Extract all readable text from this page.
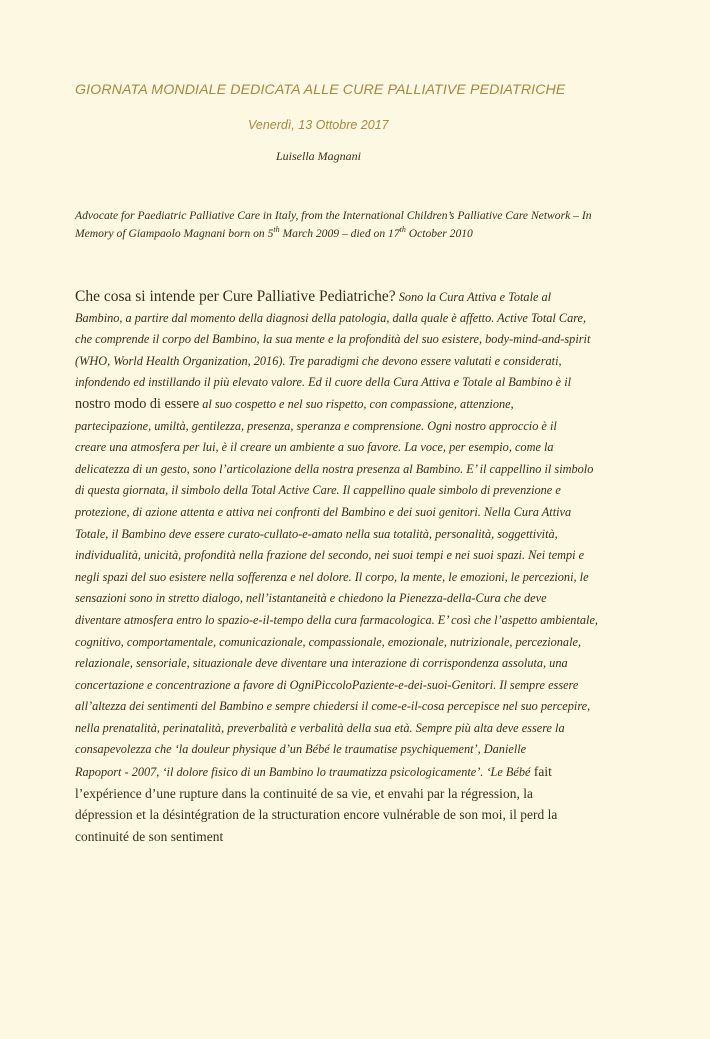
GIORNATA MONDIALE DEDICATA ALLE CURE PALLIATIVE PEDIATRICHE
Venerdì, 13 Ottobre 2017
Luisella Magnani
Advocate for Paediatric Palliative Care in Italy, from the International Children’s Palliative Care Network – In
Memory of Giampaolo Magnani born on 5th March 2009 – died on 17th October 2010
Che cosa si intende per Cure Palliative Pediatriche? Sono la Cura Attiva e Totale al
Bambino, a partire dal momento della diagnosi della patologia, dalla quale è affetto. Active Total Care,
che comprende il corpo del Bambino, la sua mente e la profondità del suo esistere, body-mind-and-spirit
(WHO, World Health Organization, 2016). Tre paradigmi che devono essere valutati e considerati,
infondendo ed instillando il più elevato valore. Ed il cuore della Cura Attiva e Totale al Bambino è il
nostro modo di essere al suo cospetto e nel suo rispetto, con compassione, attenzione,
partecipazione, umiltà, gentilezza, presenza, speranza e comprensione. Ogni nostro approccio è il
creare una atmosfera per lui, è il creare un ambiente a suo favore. La voce, per esempio, come la
delicatezza di un gesto, sono l’articolazione della nostra presenza al Bambino. E’ il cappellino il simbolo
di questa giornata, il simbolo della Total Active Care. Il cappellino quale simbolo di prevenzione e
protezione, di azione attenta e attiva nei confronti del Bambino e dei suoi genitori. Nella Cura Attiva
Totale, il Bambino deve essere curato-cullato-e-amato nella sua totalità, personalità, soggettività,
individualità, unicità, profondità nella frazione del secondo, nei suoi tempi e nei suoi spazi. Nei tempi e
negli spazi del suo esistere nella sofferenza e nel dolore. Il corpo, la mente, le emozioni, le percezioni, le
sensazioni sono in stretto dialogo, nell’istantaneità e chiedono la Pienezza-della-Cura che deve
diventare atmosfera entro lo spazio-e-il-tempo della cura farmacologica. E’ così che l’aspetto ambientale,
cognitivo, comportamentale, comunicazionale, compassionale, emozionale, nutrizionale, percezionale,
relazionale, sensoriale, situazionale deve diventare una interazione di corrispondenza assoluta, una
concertazione e concentrazione a favore di OgniPiccoloPaziente-e-dei-suoi-Genitori. Il sempre essere
all’altezza dei sentimenti del Bambino e sempre chiedersi il come-e-il-cosa percepisce nel suo percepire,
nella prenatalità, perinatalità, preverbalità e verbalità della sua età. Sempre più alta deve essere la
consapevolezza che ‘la douleur physique d’un Bébé le traumatise psychiquement’, Danielle
Rapoport - 2007, ‘il dolore fisico di un Bambino lo traumatizza psicologicamente’. ‘Le Bébé fait
l’expérience d’une rupture dans la continuité de sa vie, et envahi par la régression, la
dépression et la désintégration de la structuration encore vulnérable de son moi, il perd la
continuité de son sentiment
